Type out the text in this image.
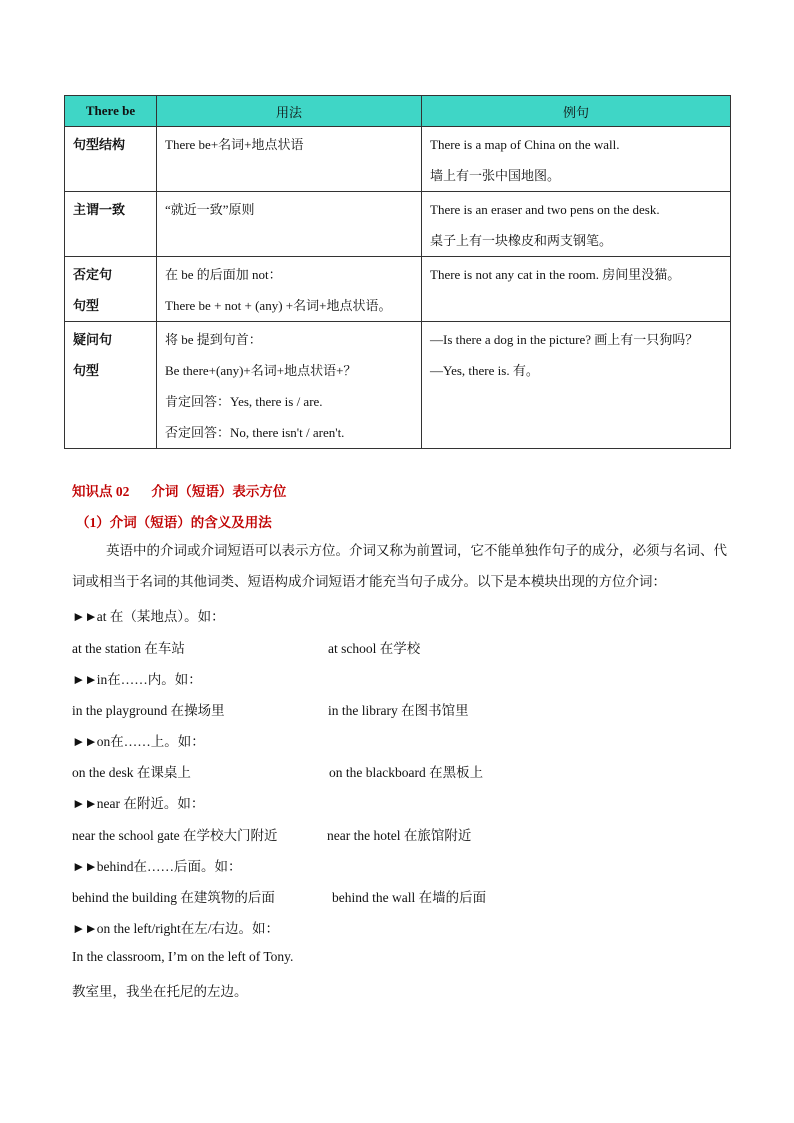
There be	用法	例句

句型结构	There be+名词+地点状语	There is a map of China on the wall.
墙上有一张中国地图。

主谓一致	“就近一致”原则	There is an eraser and two pens on the desk.
桌子上有一块橡皮和两支钢笔。

否定句
句型	在 be 的后面加 not：
There be + not + (any) +名词+地点状语。	There is not any cat in the room. 房间里没猫。

疑问句
句型	将 be 提到句首：
Be there+(any)+名词+地点状语+？
肯定回答：Yes, there is / are.
否定回答：No, there isn't / aren't.	—Is there a dog in the picture? 画上有一只狗吗？
—Yes, there is. 有。
知识点 02 介词（短语）表示方位
（1）介词（短语）的含义及用法
英语中的介词或介词短语可以表示方位。介词又称为前置词，它不能单独作句子的成分，必须与名词、代词或相当于名词的其他词类、短语构成介词短语才能充当句子成分。以下是本模块出现的方位介词：
►►at 在（某地点）。如：
at the station 在车站	at school 在学校
►►in在……内。如：
in the playground 在操场里	in the library 在图书馆里
►►on在……上。如：
on the desk 在课桌上	on the blackboard 在黑板上
►►near 在附近。如：
near the school gate 在学校大门附近	near the hotel 在旅馆附近
►►behind在……后面。如：
behind the building 在建筑物的后面	behind the wall 在墙的后面
►►on the left/right在左/右边。如：
In the classroom, I’m on the left of Tony.
教室里，我坐在托尼的左边。
